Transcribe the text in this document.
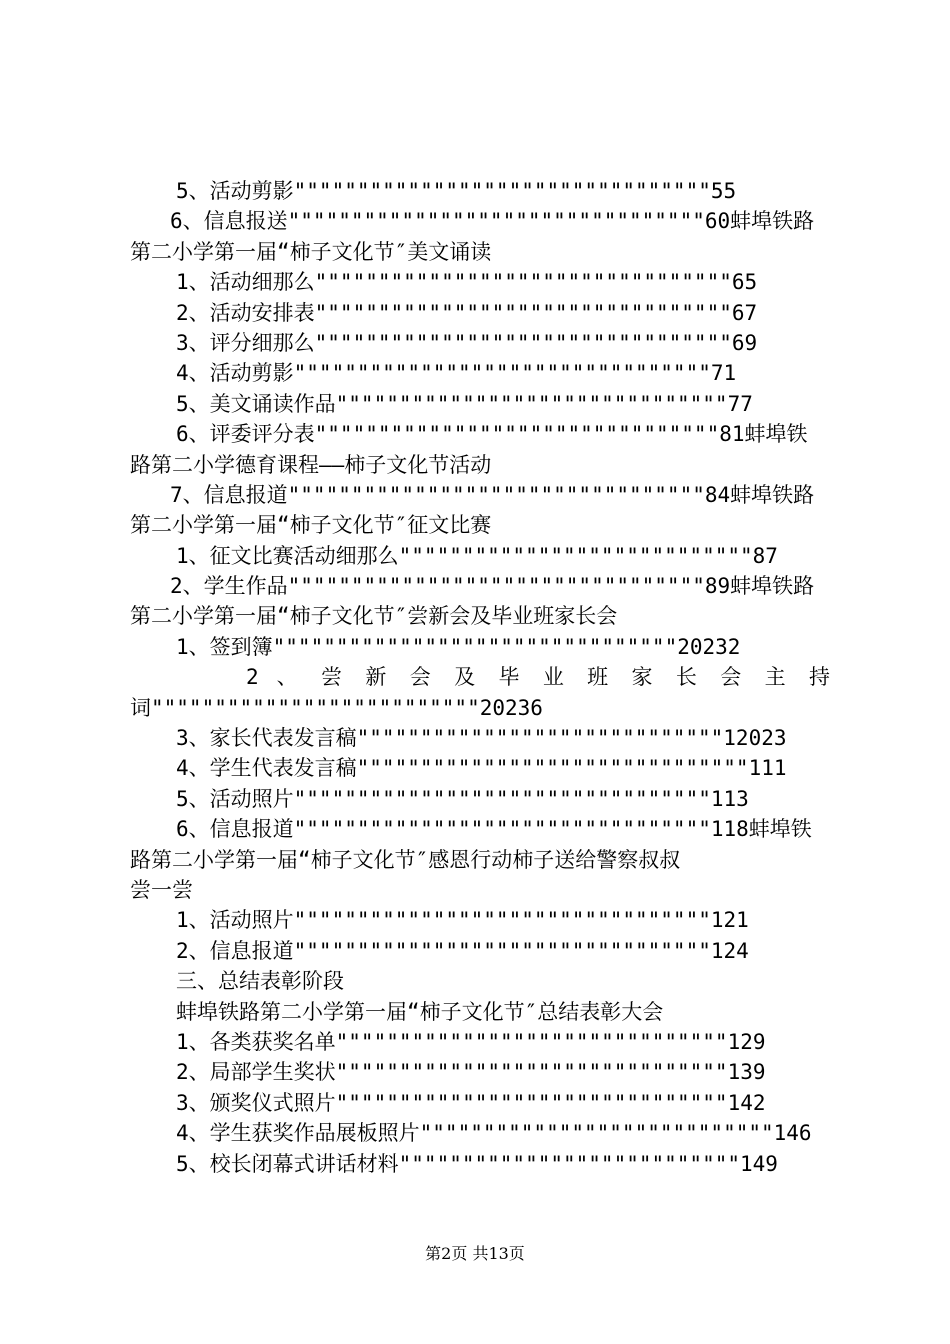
5、活动剪影"""""""""""""""""""""""""""""""""55
6、信息报送"""""""""""""""""""""""""""""""""60蚌埠铁路
第二小学第一届“柿子文化节″美文诵读
1、活动细那么"""""""""""""""""""""""""""""""""65
2、活动安排表"""""""""""""""""""""""""""""""""67
3、评分细那么"""""""""""""""""""""""""""""""""69
4、活动剪影"""""""""""""""""""""""""""""""""71
5、美文诵读作品"""""""""""""""""""""""""""""""77
6、评委评分表""""""""""""""""""""""""""""""""81蚌埠铁
路第二小学德育课程——柿子文化节活动
7、信息报道"""""""""""""""""""""""""""""""""84蚌埠铁路
第二小学第一届“柿子文化节″征文比赛
1、征文比赛活动细那么""""""""""""""""""""""""""""87
2、学生作品"""""""""""""""""""""""""""""""""89蚌埠铁路
第二小学第一届“柿子文化节″尝新会及毕业班家长会
1、签到簿""""""""""""""""""""""""""""""""20232
2 、 尝 新 会 及 毕 业 班 家 长 会 主 持
词""""""""""""""""""""""""""20236
3、家长代表发言稿"""""""""""""""""""""""""""""12023
4、学生代表发言稿"""""""""""""""""""""""""""""""111
5、活动照片"""""""""""""""""""""""""""""""""113
6、信息报道"""""""""""""""""""""""""""""""""118蚌埠铁
路第二小学第一届“柿子文化节″感恩行动柿子送给警察叔叔
尝一尝
1、活动照片"""""""""""""""""""""""""""""""""121
2、信息报道"""""""""""""""""""""""""""""""""124
三、总结表彰阶段
蚌埠铁路第二小学第一届“柿子文化节″总结表彰大会
1、各类获奖名单"""""""""""""""""""""""""""""""129
2、局部学生奖状"""""""""""""""""""""""""""""""139
3、颁奖仪式照片"""""""""""""""""""""""""""""""142
4、学生获奖作品展板照片""""""""""""""""""""""""""""146
5、校长闭幕式讲话材料"""""""""""""""""""""""""""149
第2页 共13页
